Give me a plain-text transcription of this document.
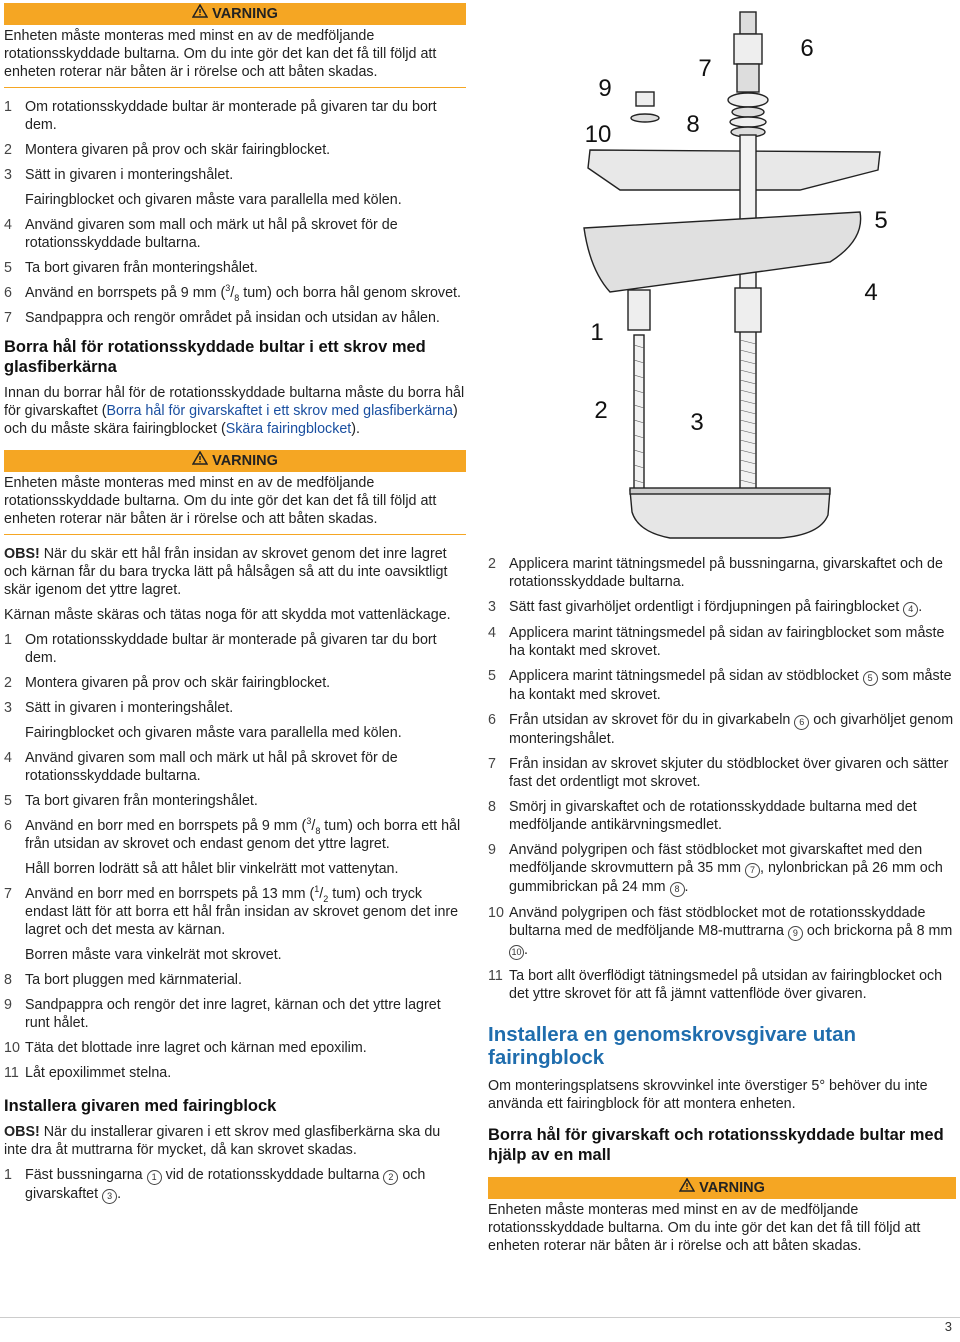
VARNING
Enheten måste monteras med minst en av de medföljande rotationsskyddade bultarna. Om du inte gör det kan det få till följd att enheten roterar när båten är i rörelse och att båten skadas.
1 Om rotationsskyddade bultar är monterade på givaren tar du bort dem.
2 Montera givaren på prov och skär fairingblocket.
3 Sätt in givaren i monteringshålet.
Fairingblocket och givaren måste vara parallella med kölen.
4 Använd givaren som mall och märk ut hål på skrovet för de rotationsskyddade bultarna.
5 Ta bort givaren från monteringshålet.
6 Använd en borrspets på 9 mm ($^3/_8$ tum) och borra hål genom skrovet.
7 Sandpappra och rengör området på insidan och utsidan av hålen.
Borra hål för rotationsskyddade bultar i ett skrov med glasfiberkärna

Innan du borrar hål för de rotationsskyddade bultarna måste du borra hål för givarskaftet (Borra hål för givarskaftet i ett skrov med glasfiberkärna) och du måste skära fairingblocket (Skära fairingblocket).

VARNING
Enheten måste monteras med minst en av de medföljande rotationsskyddade bultarna. Om du inte gör det kan det få till följd att enheten roterar när båten är i rörelse och att båten skadas.

OBS! När du skär ett hål från insidan av skrovet genom det inre lagret och kärnan får du bara trycka lätt på hålsågen så att du inte oavsiktligt skär igenom det yttre lagret.

Kärnan måste skäras och tätas noga för att skydda mot vattenläckage.

1 Om rotationsskyddade bultar är monterade på givaren tar du bort dem.
2 Montera givaren på prov och skär fairingblocket.
3 Sätt in givaren i monteringshålet.
Fairingblocket och givaren måste vara parallella med kölen.
4 Använd givaren som mall och märk ut hål på skrovet för de rotationsskyddade bultarna.
5 Ta bort givaren från monteringshålet.
6 Använd en borr med en borrspets på 9 mm ($^3/_8$ tum) och borra ett hål från utsidan av skrovet och endast genom det yttre lagret.
Håll borren lodrätt så att hålet blir vinkelrätt mot vattenytan.
7 Använd en borr med en borrspets på 13 mm ($^1/_2$ tum) och tryck endast lätt för att borra ett hål från insidan av skrovet genom det inre lagret och det mesta av kärnan.
Borren måste vara vinkelrät mot skrovet.
8 Ta bort pluggen med kärnmaterial.
9 Sandpappra och rengör det inre lagret, kärnan och det yttre lagret runt hålet.
10 Täta det blottade inre lagret och kärnan med epoxilim.
11 Låt epoxilimmet stelna.
Installera givaren med fairingblock

OBS! När du installerar givaren i ett skrov med glasfiberkärna ska du inte dra åt muttrarna för mycket, då kan skrovet skadas.

1 Fäst bussningarna 1 vid de rotationsskyddade bultarna 2 och givarskaftet 3 .
1
2	3
4
5
6
7
8
9
10
2 Applicera marint tätningsmedel på bussningarna, givarskaftet och de rotationsskyddade bultarna.
3 Sätt fast givarhöljet ordentligt i fördjupningen på fairingblocket 4 .
4 Applicera marint tätningsmedel på sidan av fairingblocket som måste ha kontakt med skrovet.
5 Applicera marint tätningsmedel på sidan av stödblocket 5 som måste ha kontakt med skrovet.
6 Från utsidan av skrovet för du in givarkabeln 6 och givarhöljet genom monteringshålet.
7 Från insidan av skrovet skjuter du stödblocket över givaren och sätter fast det ordentligt mot skrovet.
8 Smörj in givarskaftet och de rotationsskyddade bultarna med det medföljande antikärvningsmedlet.
9 Använd polygripen och fäst stödblocket mot givarskaftet med den medföljande skrovmuttern på 35 mm 7 , nylonbrickan på 26 mm och gummibrickan på 24 mm 8 .
10 Använd polygripen och fäst stödblocket mot de rotationsskyddade bultarna med de medföljande M8-muttrarna 9 och brickorna på 8 mm 10 .
11 Ta bort allt överflödigt tätningsmedel på utsidan av fairingblocket och det yttre skrovet för att få jämnt vattenflöde över givaren.
Installera en genomskrovsgivare utan fairingblock

Om monteringsplatsens skrovvinkel inte överstiger 5° behöver du inte använda ett fairingblock för att montera enheten.

Borra hål för givarskaft och rotationsskyddade bultar med hjälp av en mall
VARNING
Enheten måste monteras med minst en av de medföljande rotationsskyddade bultarna. Om du inte gör det kan det få till följd att enheten roterar när båten är i rörelse och att båten skadas.
3
